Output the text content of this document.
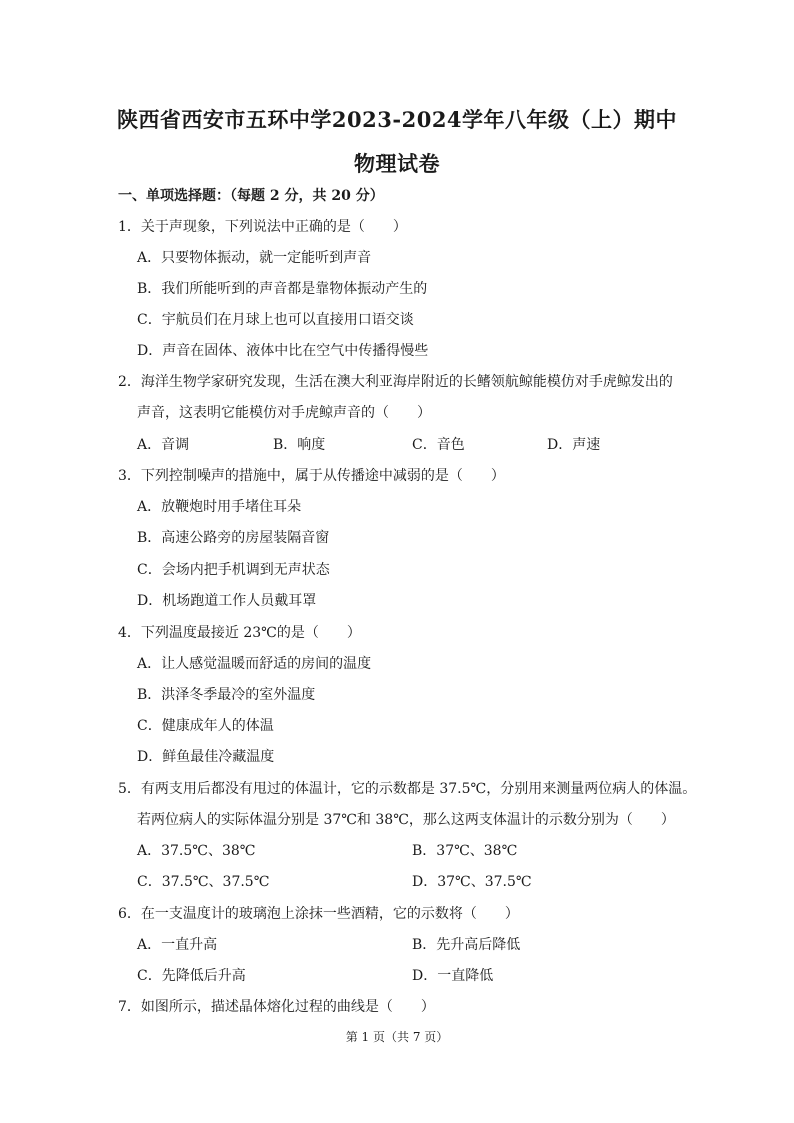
陕西省西安市五环中学2023-2024学年八年级（上）期中
物理试卷
一、单项选择题：（每题 2 分，共 20 分）
1．关于声现象，下列说法中正确的是（　　）
A．只要物体振动，就一定能听到声音
B．我们所能听到的声音都是靠物体振动产生的
C．宇航员们在月球上也可以直接用口语交谈
D．声音在固体、液体中比在空气中传播得慢些
2．海洋生物学家研究发现，生活在澳大利亚海岸附近的长鳍领航鲸能模仿对手虎鲸发出的
声音，这表明它能模仿对手虎鲸声音的（　　）
A．音调	B．响度	C．音色	D．声速
3．下列控制噪声的措施中，属于从传播途中减弱的是（　　）
A．放鞭炮时用手堵住耳朵
B．高速公路旁的房屋装隔音窗
C．会场内把手机调到无声状态
D．机场跑道工作人员戴耳罩
4．下列温度最接近 23℃的是（　　）
A．让人感觉温暖而舒适的房间的温度
B．洪泽冬季最冷的室外温度
C．健康成年人的体温
D．鲜鱼最佳冷藏温度
5．有两支用后都没有甩过的体温计，它的示数都是 37.5℃，分别用来测量两位病人的体温。
若两位病人的实际体温分别是 37℃和 38℃，那么这两支体温计的示数分别为（　　）
A．37.5℃、38℃	B．37℃、38℃
C．37.5℃、37.5℃	D．37℃、37.5℃
6．在一支温度计的玻璃泡上涂抹一些酒精，它的示数将（　　）
A．一直升高	B．先升高后降低
C．先降低后升高	D．一直降低
7．如图所示，描述晶体熔化过程的曲线是（　　）
第 1 页（共 7 页）
